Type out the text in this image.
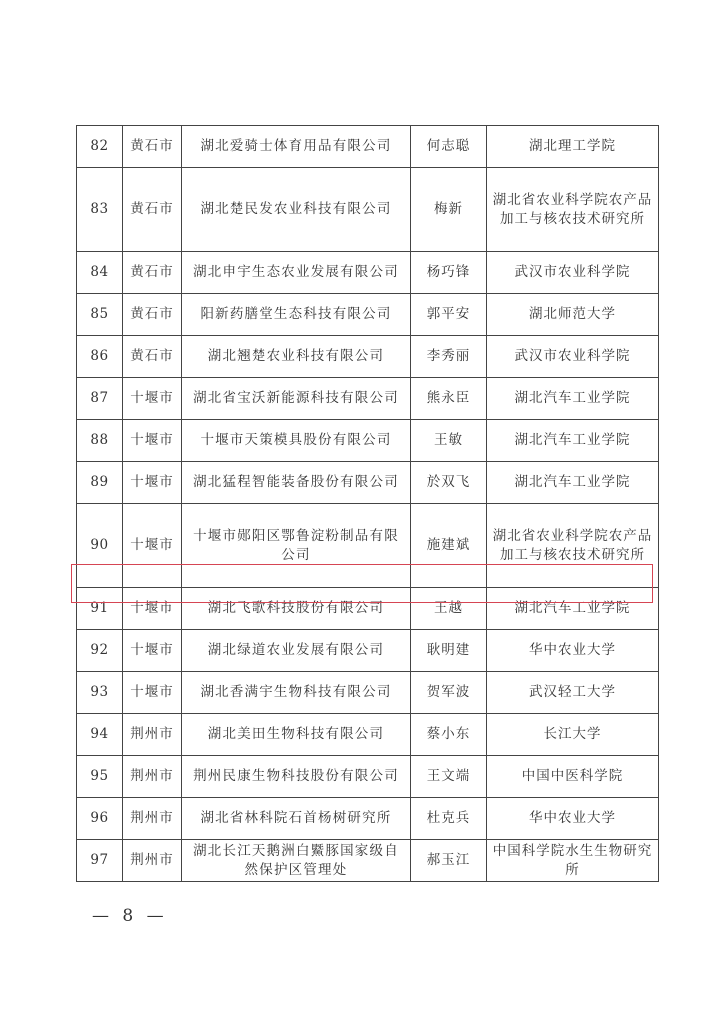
82	黄石市	湖北爱骑士体育用品有限公司	何志聪	湖北理工学院
83	黄石市	湖北楚民发农业科技有限公司	梅新	湖北省农业科学院农产品加工与核农技术研究所
84	黄石市	湖北申宇生态农业发展有限公司	杨巧锋	武汉市农业科学院
85	黄石市	阳新药膳堂生态科技有限公司	郭平安	湖北师范大学
86	黄石市	湖北翘楚农业科技有限公司	李秀丽	武汉市农业科学院
87	十堰市	湖北省宝沃新能源科技有限公司	熊永臣	湖北汽车工业学院
88	十堰市	十堰市天策模具股份有限公司	王敏	湖北汽车工业学院
89	十堰市	湖北猛程智能装备股份有限公司	於双飞	湖北汽车工业学院
90	十堰市	十堰市郧阳区鄂鲁淀粉制品有限公司	施建斌	湖北省农业科学院农产品加工与核农技术研究所
91	十堰市	湖北飞歌科技股份有限公司	王越	湖北汽车工业学院
92	十堰市	湖北绿道农业发展有限公司	耿明建	华中农业大学
93	十堰市	湖北香满宇生物科技有限公司	贺军波	武汉轻工大学
94	荆州市	湖北美田生物科技有限公司	蔡小东	长江大学
95	荆州市	荆州民康生物科技股份有限公司	王文端	中国中医科学院
96	荆州市	湖北省林科院石首杨树研究所	杜克兵	华中农业大学
97	荆州市	湖北长江天鹅洲白鱀豚国家级自然保护区管理处	郝玉江	中国科学院水生生物研究所
— 8 —
